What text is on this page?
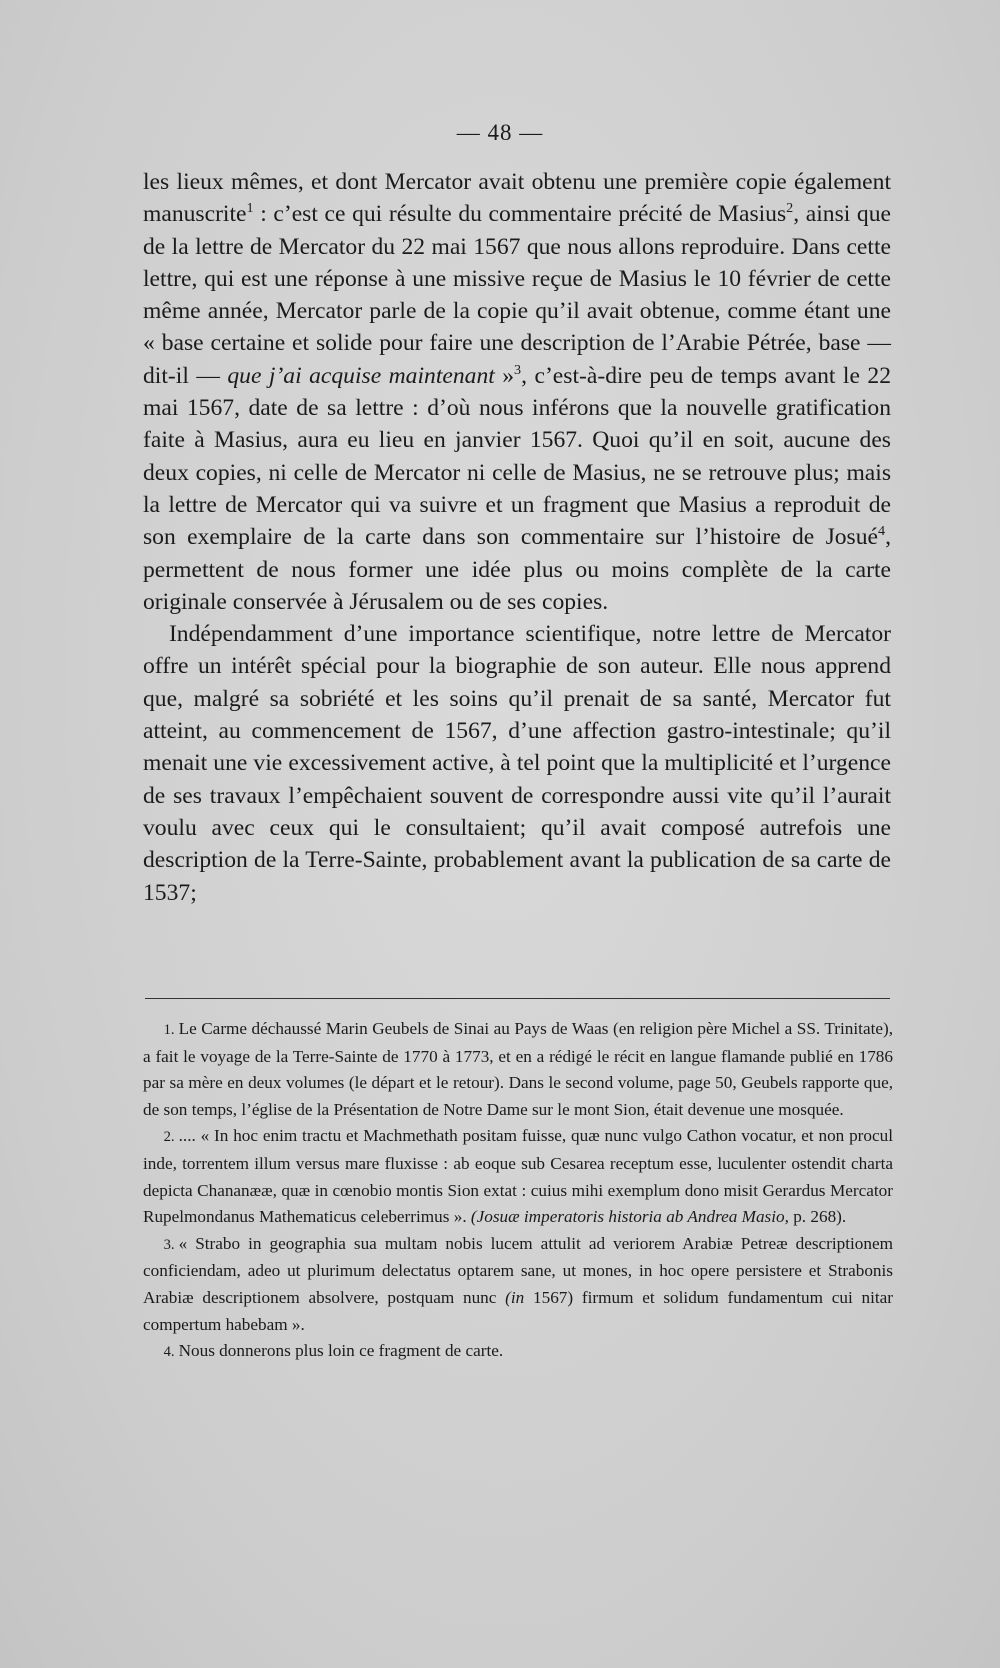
— 48 —

les lieux mêmes, et dont Mercator avait obtenu une première copie également manuscrite$^1$ : c’est ce qui résulte du commentaire précité de Masius$^2$, ainsi que de la lettre de Mercator du 22 mai 1567 que nous allons reproduire. Dans cette lettre, qui est une réponse à une missive reçue de Masius le 10 février de cette même année, Mercator parle de la copie qu’il avait obtenue, comme étant une « base certaine et solide pour faire une description de l’Arabie Pétrée, base — dit-il — que j’ai acquise maintenant »$^3$, c’est-à-dire peu de temps avant le 22 mai 1567, date de sa lettre : d’où nous inférons que la nouvelle gratification faite à Masius, aura eu lieu en janvier 1567. Quoi qu’il en soit, aucune des deux copies, ni celle de Mercator ni celle de Masius, ne se retrouve plus; mais la lettre de Mercator qui va suivre et un fragment que Masius a reproduit de son exemplaire de la carte dans son commentaire sur l’histoire de Josué$^4$, permettent de nous former une idée plus ou moins complète de la carte originale conservée à Jérusalem ou de ses copies.

Indépendamment d’une importance scientifique, notre lettre de Mercator offre un intérêt spécial pour la biographie de son auteur. Elle nous apprend que, malgré sa sobriété et les soins qu’il prenait de sa santé, Mercator fut atteint, au commencement de 1567, d’une affection gastro-intestinale; qu’il menait une vie excessivement active, à tel point que la multiplicité et l’urgence de ses travaux l’empêchaient souvent de correspondre aussi vite qu’il l’aurait voulu avec ceux qui le consultaient; qu’il avait composé autrefois une description de la Terre-Sainte, probablement avant la publication de sa carte de 1537;

1. Le Carme déchaussé Marin Geubels de Sinai au Pays de Waas (en religion père Michel a SS. Trinitate), a fait le voyage de la Terre-Sainte de 1770 à 1773, et en a rédigé le récit en langue flamande publié en 1786 par sa mère en deux volumes (le départ et le retour). Dans le second volume, page 50, Geubels rapporte que, de son temps, l’église de la Présentation de Notre Dame sur le mont Sion, était devenue une mosquée.

2. .... « In hoc enim tractu et Machmethath positam fuisse, quæ nunc vulgo Cathon vocatur, et non procul inde, torrentem illum versus mare fluxisse : ab eoque sub Cesarea receptum esse, luculenter ostendit charta depicta Chananææ, quæ in cœnobio montis Sion extat : cuius mihi exemplum dono misit Gerardus Mercator Rupelmondanus Mathematicus celeberrimus ». (Josuæ imperatoris historia ab Andrea Masio, p. 268).

3. « Strabo in geographia sua multam nobis lucem attulit ad veriorem Arabiæ Petreæ descriptionem conficiendam, adeo ut plurimum delectatus optarem sane, ut mones, in hoc opere persistere et Strabonis Arabiæ descriptionem absolvere, postquam nunc (in 1567) firmum et solidum fundamentum cui nitar compertum habebam ».

4. Nous donnerons plus loin ce fragment de carte.
